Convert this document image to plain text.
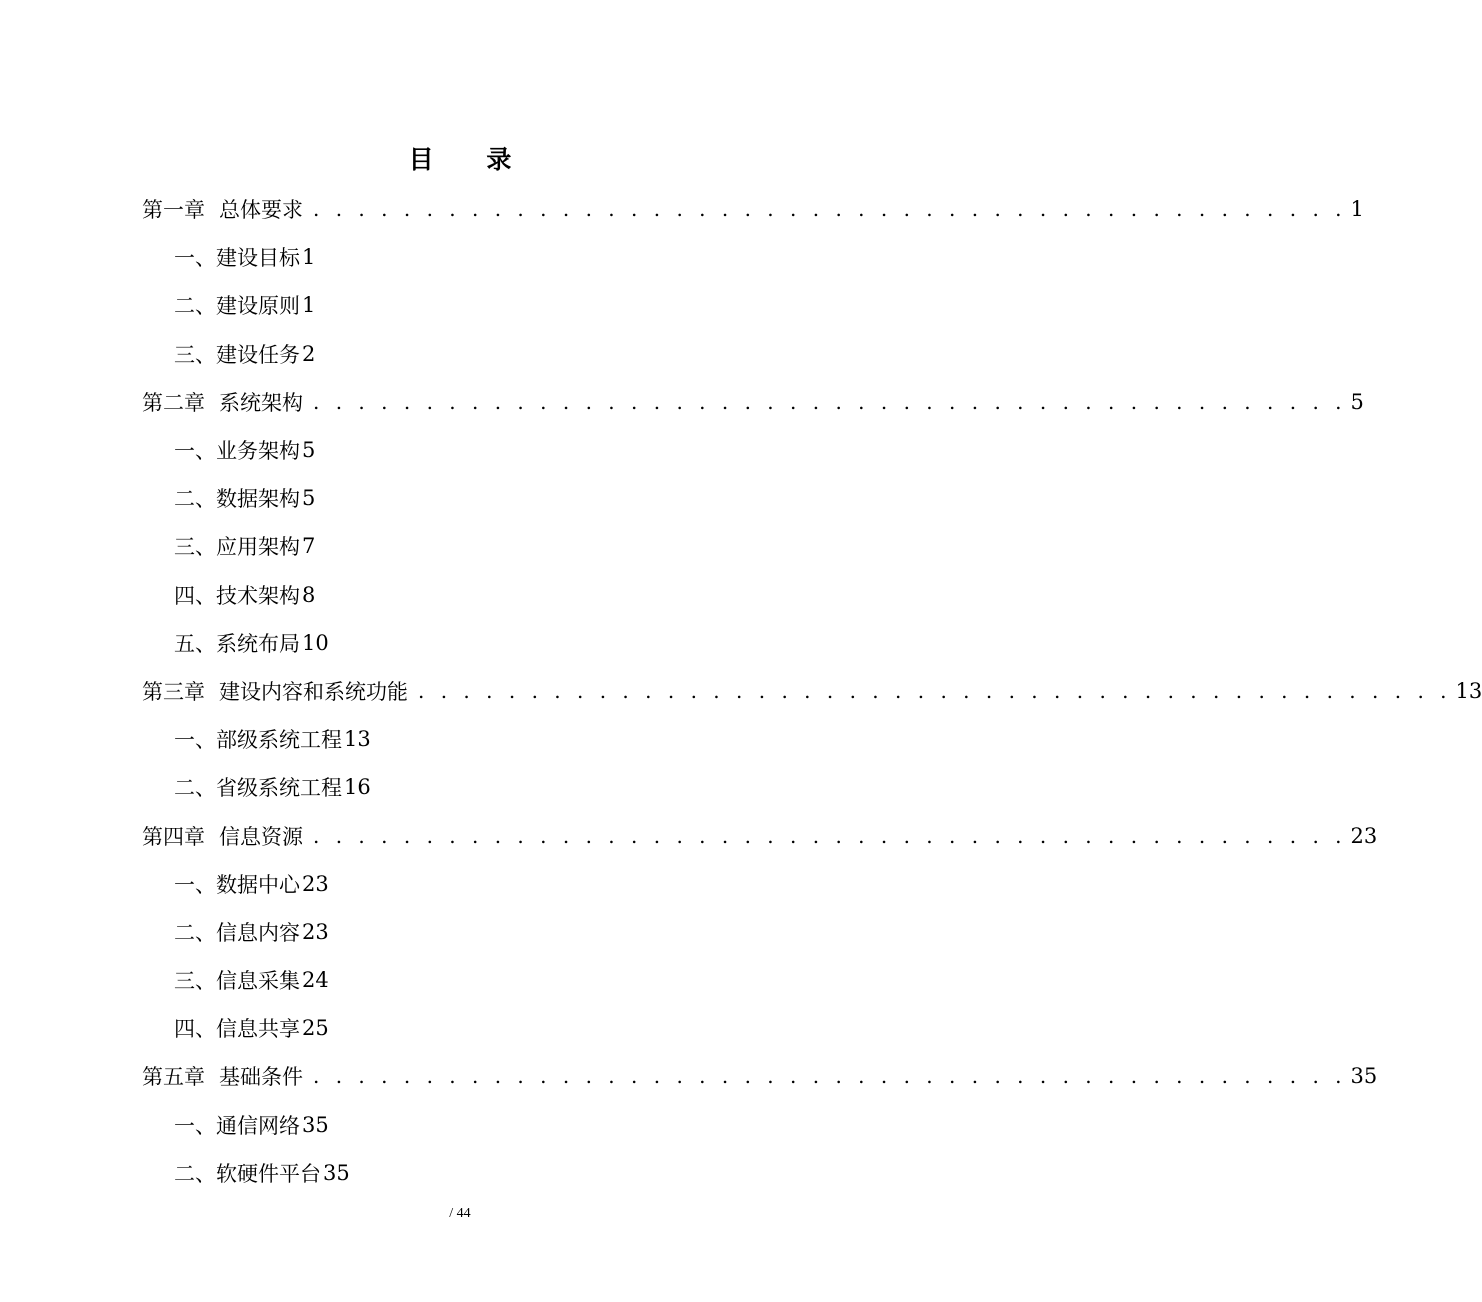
目 录
第一章 总体要求 . . . . . . . . . . . . . . . . . . . . . . . . . . . . . . . . . . . . . . . . . . . . . . 1
一、建设目标 1
二、建设原则 1
三、建设任务 2
第二章 系统架构 . . . . . . . . . . . . . . . . . . . . . . . . . . . . . . . . . . . . . . . . . . . . . . 5
一、业务架构 5
二、数据架构 5
三、应用架构 7
四、技术架构 8
五、系统布局 10
第三章 建设内容和系统功能 . . . . . . . . . . . . . . . . . . . . . . . . . . . . . . . . . . . . . . . . . . . . . . 13
一、部级系统工程 13
二、省级系统工程 16
第四章 信息资源 . . . . . . . . . . . . . . . . . . . . . . . . . . . . . . . . . . . . . . . . . . . . . . 23
一、数据中心 23
二、信息内容 23
三、信息采集 24
四、信息共享 25
第五章 基础条件 . . . . . . . . . . . . . . . . . . . . . . . . . . . . . . . . . . . . . . . . . . . . . . 35
一、通信网络 35
二、软硬件平台 35
/ 44
